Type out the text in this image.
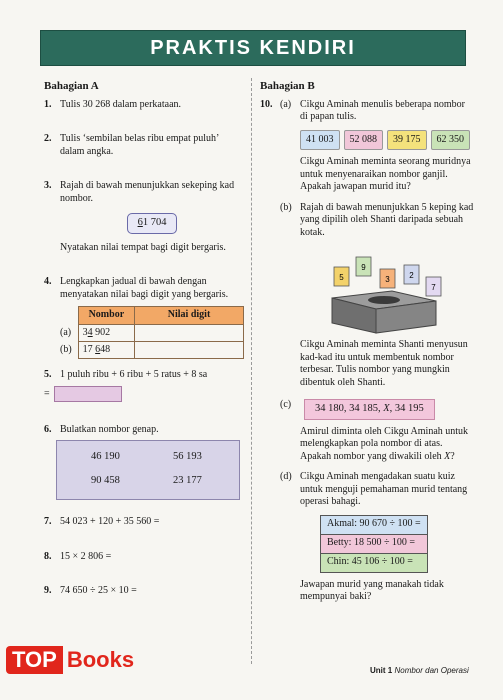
PRAKTIS KENDIRI
Bahagian A
1. Tulis 30 268 dalam perkataan.
2. Tulis ‘sembilan belas ribu empat puluh’ dalam angka.
3. Rajah di bawah menunjukkan sekeping kad nombor.
61 704
Nyatakan nilai tempat bagi digit bergaris.
4. Lengkapkan jadual di bawah dengan menyatakan nilai bagi digit yang bergaris.
	Nombor	Nilai digit
(a)	34 902	
(b)	17 648	
5. 1 puluh ribu + 6 ribu + 5 ratus + 8 sa
=
6. Bulatkan nombor genap.
46 190	56 193
90 458	23 177
7. 54 023 + 120 + 35 560 =
8. 15 × 2 806 =
9. 74 650 ÷ 25 × 10 =
Bahagian B
10. (a) Cikgu Aminah menulis beberapa nombor di papan tulis.
41 003	52 088	39 175	62 350
Cikgu Aminah meminta seorang muridnya untuk menyenaraikan nombor ganjil. Apakah jawapan murid itu?
(b) Rajah di bawah menunjukkan 5 keping kad yang dipilih oleh Shanti daripada sebuah kotak.
5
9
3 2
7
Cikgu Aminah meminta Shanti menyusun kad-kad itu untuk membentuk nombor terbesar. Tulis nombor yang mungkin dibentuk oleh Shanti.
(c)	34 180, 34 185, X, 34 195
Amirul diminta oleh Cikgu Aminah untuk melengkapkan pola nombor di atas. Apakah nombor yang diwakili oleh X?
(d) Cikgu Aminah mengadakan suatu kuiz untuk menguji pemahaman murid tentang operasi bahagi.
Akmal: 90 670 ÷ 100 =
Betty: 18 500 ÷ 100 =
Chin: 45 106 ÷ 100 =
Jawapan murid yang manakah tidak mempunyai baki?
Unit 1 Nombor dan Operasi
TOP Books
